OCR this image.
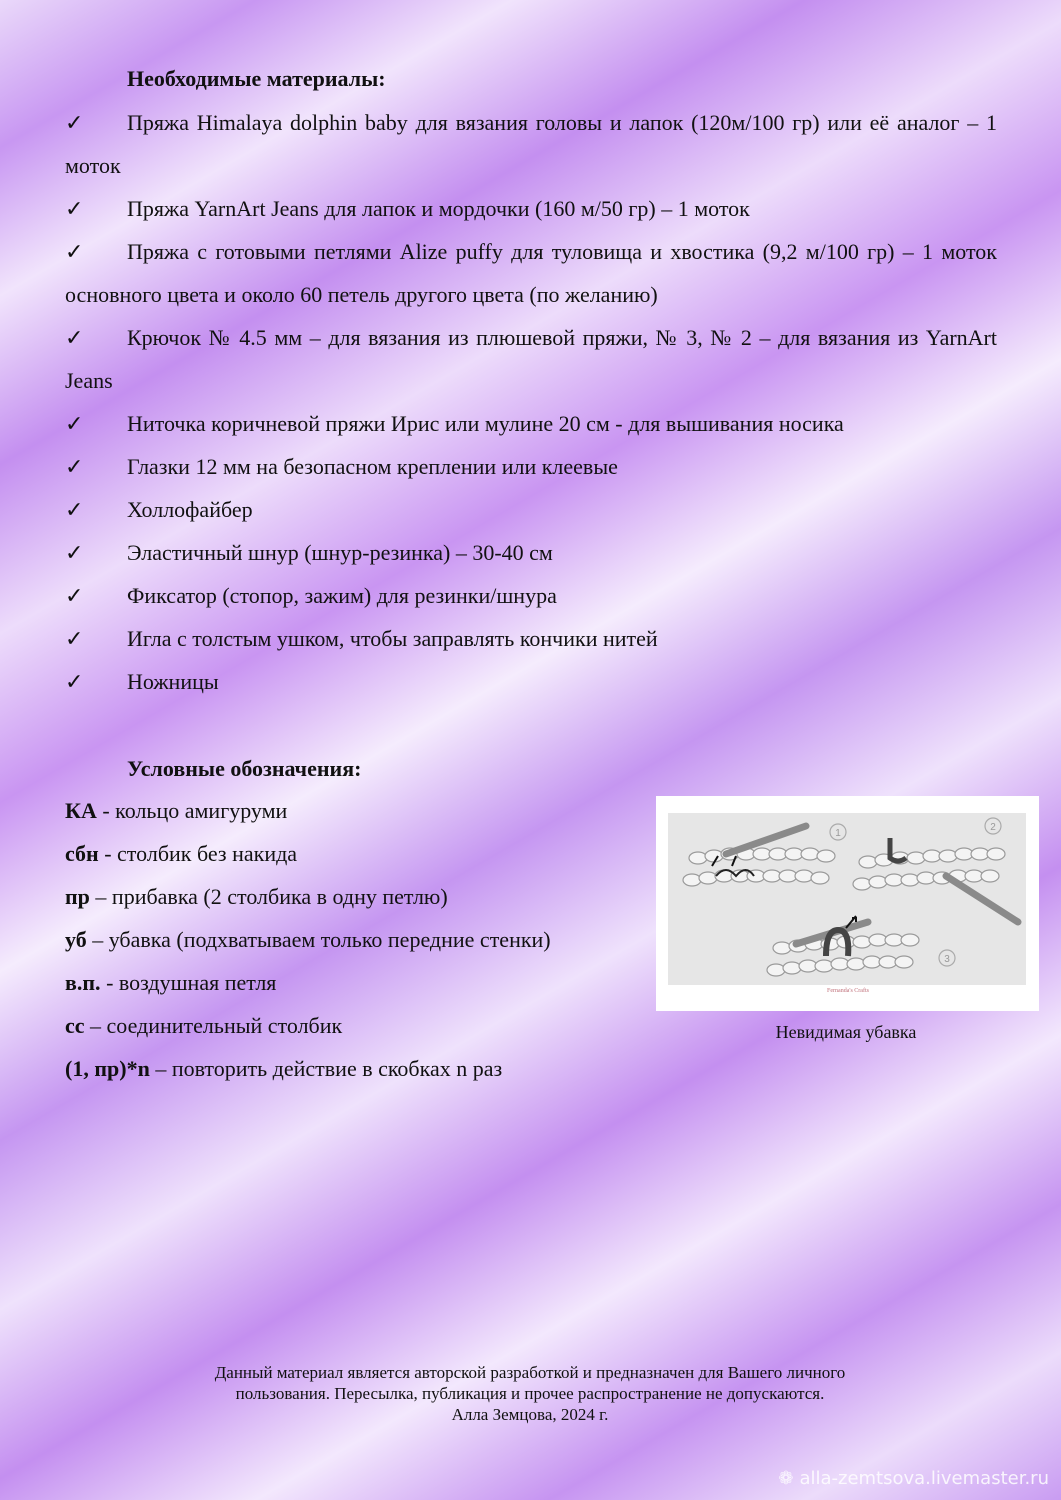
Необходимые материалы:
✓	Пряжа Himalaya dolphin baby для вязания головы и лапок (120м/100 гр) или её аналог – 1 моток
✓	Пряжа YarnArt Jeans для лапок и мордочки (160 м/50 гр) – 1 моток
✓	Пряжа с готовыми петлями Alize puffy для туловища и хвостика (9,2 м/100 гр) – 1 моток основного цвета и около 60 петель другого цвета (по желанию)
✓	Крючок № 4.5 мм – для вязания из плюшевой пряжи, № 3, № 2 – для вязания из YarnArt Jeans
✓	Ниточка коричневой пряжи Ирис или мулине 20 см - для вышивания носика
✓	Глазки 12 мм на безопасном креплении или клеевые
✓	Холлофайбер
✓	Эластичный шнур (шнур-резинка) – 30-40 см
✓	Фиксатор (стопор, зажим) для резинки/шнура
✓	Игла с толстым ушком, чтобы заправлять кончики нитей
✓	Ножницы
Условные обозначения:
КА - кольцо амигуруми
сбн - столбик без накида
пр – прибавка (2 столбика в одну петлю)
уб – убавка (подхватываем только передние стенки)
в.п. - воздушная петля
сс – соединительный столбик
(1, пр)*n – повторить действие в скобках n раз
1
2
3
Fernanda's Crafts
Невидимая убавка
Данный материал является авторской разработкой и предназначен для Вашего личного
пользования. Пересылка, публикация и прочее распространение не допускаются.
Алла Земцова, 2024 г.
❁ alla-zemtsova.livemaster.ru
